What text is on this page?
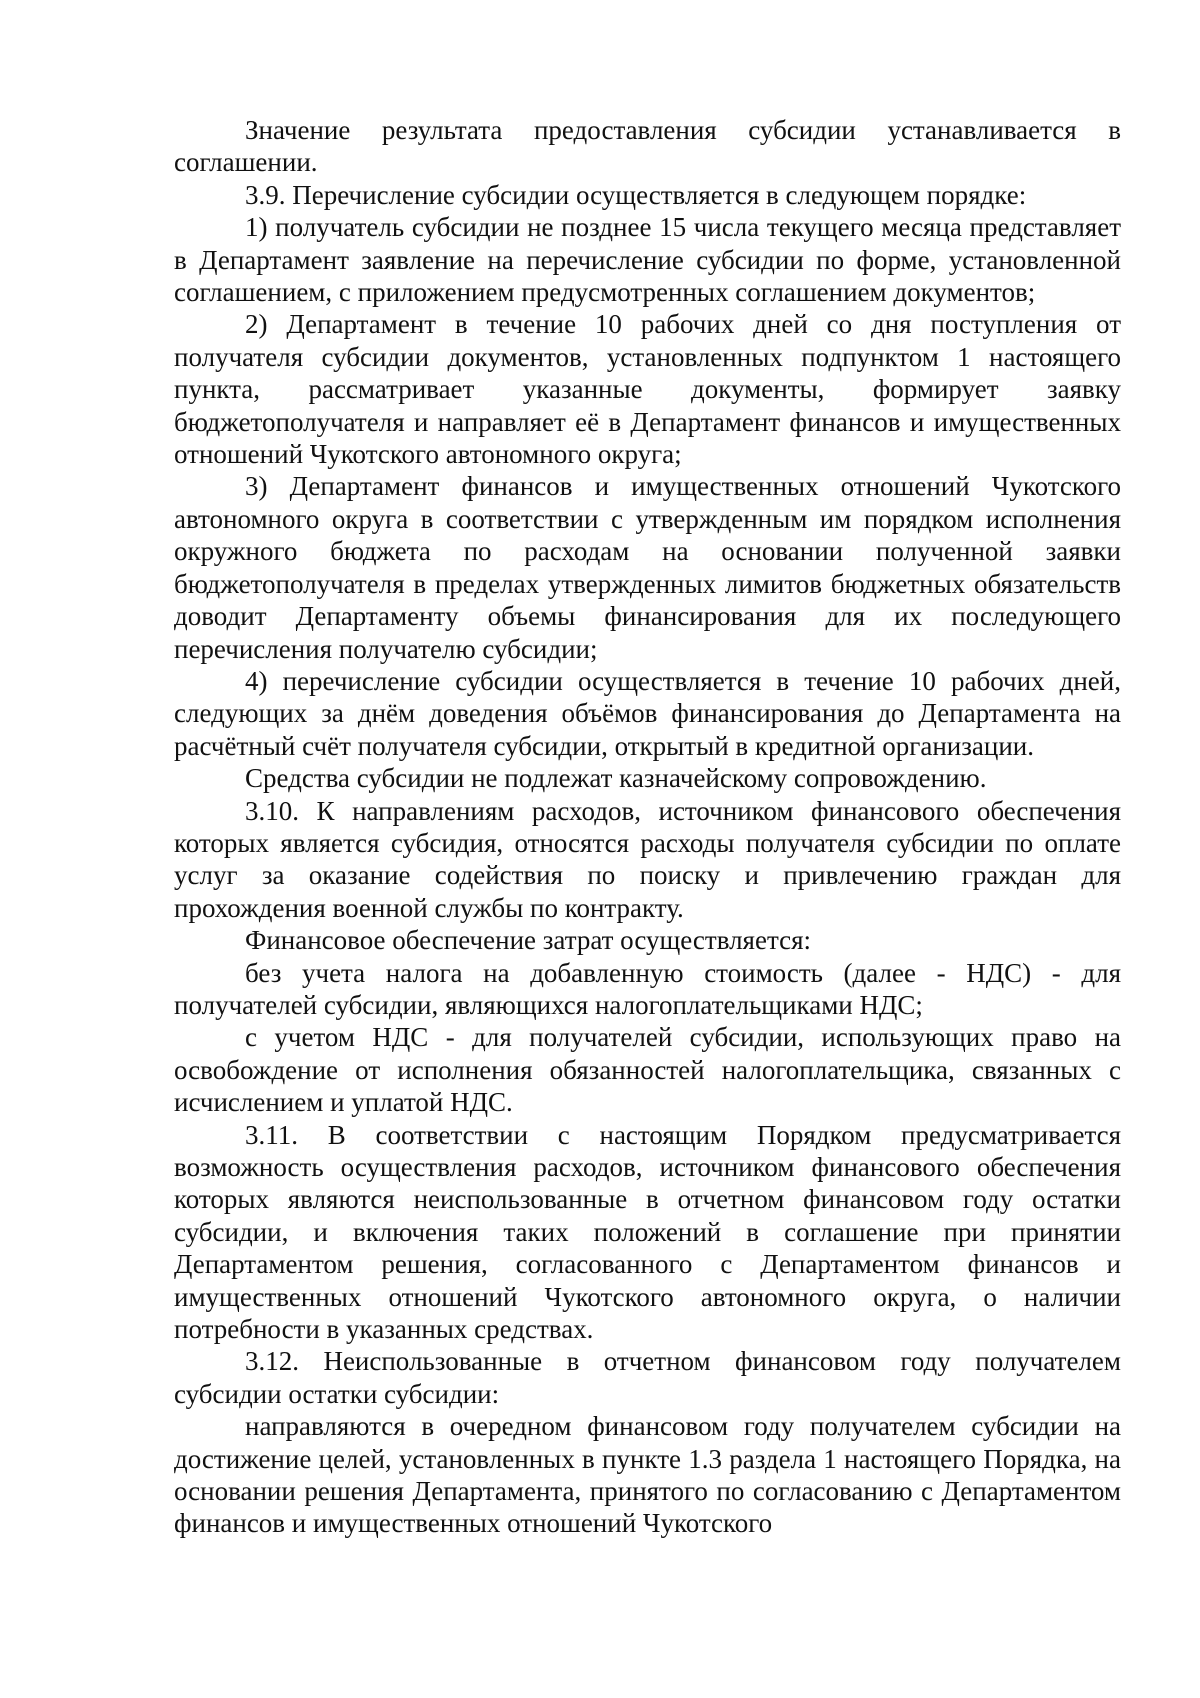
Значение результата предоставления субсидии устанавливается в соглашении.

3.9. Перечисление субсидии осуществляется в следующем порядке:

1) получатель субсидии не позднее 15 числа текущего месяца представляет в Департамент заявление на перечисление субсидии по форме, установленной соглашением, с приложением предусмотренных соглашением документов;

2) Департамент в течение 10 рабочих дней со дня поступления от получателя субсидии документов, установленных подпунктом 1 настоящего пункта, рассматривает указанные документы, формирует заявку бюджетополучателя и направляет её в Департамент финансов и имущественных отношений Чукотского автономного округа;

3) Департамент финансов и имущественных отношений Чукотского автономного округа в соответствии с утвержденным им порядком исполнения окружного бюджета по расходам на основании полученной заявки бюджетополучателя в пределах утвержденных лимитов бюджетных обязательств доводит Департаменту объемы финансирования для их последующего перечисления получателю субсидии;

4) перечисление субсидии осуществляется в течение 10 рабочих дней, следующих за днём доведения объёмов финансирования до Департамента на расчётный счёт получателя субсидии, открытый в кредитной организации.

Средства субсидии не подлежат казначейскому сопровождению.

3.10. К направлениям расходов, источником финансового обеспечения которых является субсидия, относятся расходы получателя субсидии по оплате услуг за оказание содействия по поиску и привлечению граждан для прохождения военной службы по контракту.

Финансовое обеспечение затрат осуществляется:

без учета налога на добавленную стоимость (далее - НДС) - для получателей субсидии, являющихся налогоплательщиками НДС;

с учетом НДС - для получателей субсидии, использующих право на освобождение от исполнения обязанностей налогоплательщика, связанных с исчислением и уплатой НДС.

3.11. В соответствии с настоящим Порядком предусматривается возможность осуществления расходов, источником финансового обеспечения которых являются неиспользованные в отчетном финансовом году остатки субсидии, и включения таких положений в соглашение при принятии Департаментом решения, согласованного с Департаментом финансов и имущественных отношений Чукотского автономного округа, о наличии потребности в указанных средствах.

3.12. Неиспользованные в отчетном финансовом году получателем субсидии остатки субсидии:

направляются в очередном финансовом году получателем субсидии на достижение целей, установленных в пункте 1.3 раздела 1 настоящего Порядка, на основании решения Департамента, принятого по согласованию с Департаментом финансов и имущественных отношений Чукотского
